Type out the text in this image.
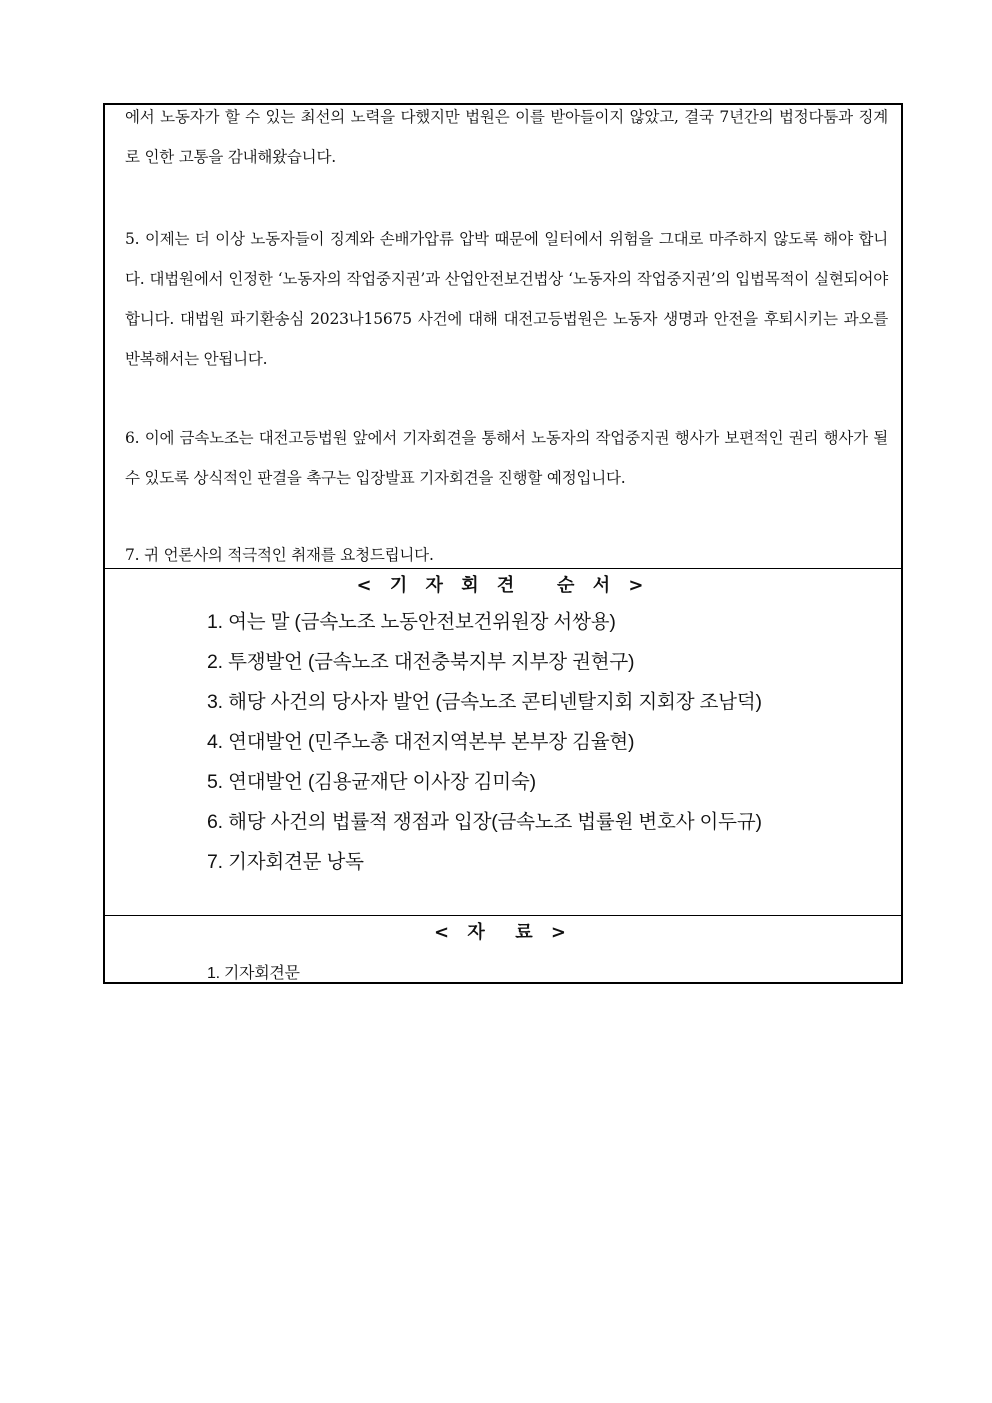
에서 노동자가 할 수 있는 최선의 노력을 다했지만 법원은 이를 받아들이지 않았고, 결국 7년간의 법정다툼과 징계로 인한 고통을 감내해왔습니다.

5. 이제는 더 이상 노동자들이 징계와 손배가압류 압박 때문에 일터에서 위험을 그대로 마주하지 않도록 해야 합니다. 대법원에서 인정한 ‘노동자의 작업중지권’과 산업안전보건법상 ‘노동자의 작업중지권’의 입법목적이 실현되어야 합니다. 대법원 파기환송심 2023나15675 사건에 대해 대전고등법원은 노동자 생명과 안전을 후퇴시키는 과오를 반복해서는 안됩니다.

6. 이에 금속노조는 대전고등법원 앞에서 기자회견을 통해서 노동자의 작업중지권 행사가 보편적인 권리 행사가 될 수 있도록 상식적인 판결을 촉구는 입장발표 기자회견을 진행할 예정입니다.

7. 귀 언론사의 적극적인 취재를 요청드립니다.

< 기 자 회 견   순 서 >
1. 여는 말 (금속노조 노동안전보건위원장 서쌍용)
2. 투쟁발언 (금속노조 대전충북지부 지부장 권현구)
3. 해당 사건의 당사자 발언 (금속노조 콘티넨탈지회 지회장 조남덕)
4. 연대발언 (민주노총 대전지역본부 본부장 김율현)
5. 연대발언 (김용균재단 이사장 김미숙)
6. 해당 사건의 법률적 쟁점과 입장(금속노조 법률원 변호사 이두규)
7. 기자회견문 낭독
< 자  료 >
1. 기자회견문
